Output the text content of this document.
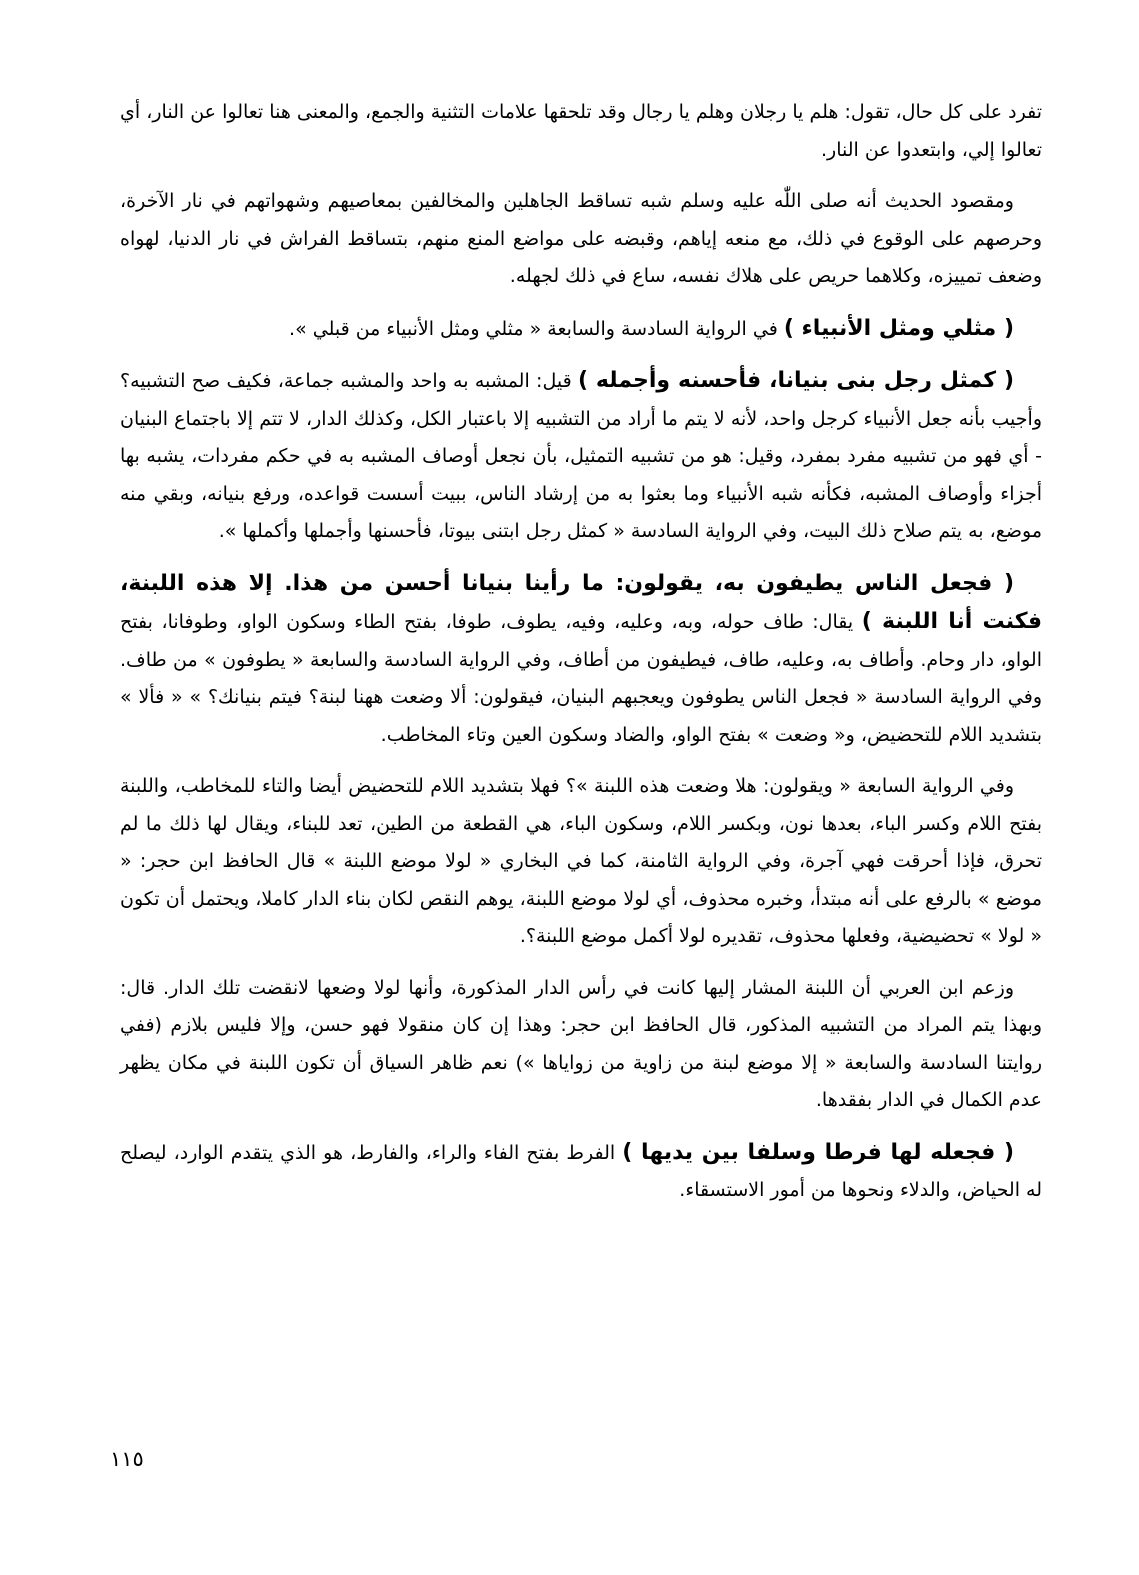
تفرد على كل حال، تقول: هلم يا رجلان وهلم يا رجال وقد تلحقها علامات التثنية والجمع، والمعنى هنا تعالوا عن النار، أي تعالوا إلي، وابتعدوا عن النار.

ومقصود الحديث أنه صلى اللّٰه عليه وسلم شبه تساقط الجاهلين والمخالفين بمعاصيهم وشهواتهم في نار الآخرة، وحرصهم على الوقوع في ذلك، مع منعه إياهم، وقبضه على مواضع المنع منهم، بتساقط الفراش في نار الدنيا، لهواه وضعف تمييزه، وكلاهما حريص على هلاك نفسه، ساع في ذلك لجهله.

( مثلي ومثل الأنبياء ) في الرواية السادسة والسابعة « مثلي ومثل الأنبياء من قبلي ».

( كمثل رجل بنى بنيانا، فأحسنه وأجمله ) قيل: المشبه به واحد والمشبه جماعة، فكيف صح التشبيه؟ وأجيب بأنه جعل الأنبياء كرجل واحد، لأنه لا يتم ما أراد من التشبيه إلا باعتبار الكل، وكذلك الدار، لا تتم إلا باجتماع البنيان - أي فهو من تشبيه مفرد بمفرد، وقيل: هو من تشبيه التمثيل، بأن نجعل أوصاف المشبه به في حكم مفردات، يشبه بها أجزاء وأوصاف المشبه، فكأنه شبه الأنبياء وما بعثوا به من إرشاد الناس، ببيت أسست قواعده، ورفع بنيانه، وبقي منه موضع، به يتم صلاح ذلك البيت، وفي الرواية السادسة « كمثل رجل ابتنى بيوتا، فأحسنها وأجملها وأكملها ».

( فجعل الناس يطيفون به، يقولون: ما رأينا بنيانا أحسن من هذا. إلا هذه اللبنة، فكنت أنا اللبنة ) يقال: طاف حوله، وبه، وعليه، وفيه، يطوف، طوفا، بفتح الطاء وسكون الواو، وطوفانا، بفتح الواو، دار وحام. وأطاف به، وعليه، طاف، فيطيفون من أطاف، وفي الرواية السادسة والسابعة « يطوفون » من طاف. وفي الرواية السادسة « فجعل الناس يطوفون ويعجبهم البنيان، فيقولون: ألا وضعت ههنا لبنة؟ فيتم بنيانك؟ » « فألا » بتشديد اللام للتحضيض، و« وضعت » بفتح الواو، والضاد وسكون العين وتاء المخاطب.

وفي الرواية السابعة « ويقولون: هلا وضعت هذه اللبنة »؟ فهلا بتشديد اللام للتحضيض أيضا والتاء للمخاطب، واللبنة بفتح اللام وكسر الباء، بعدها نون، وبكسر اللام، وسكون الباء، هي القطعة من الطين، تعد للبناء، ويقال لها ذلك ما لم تحرق، فإذا أحرقت فهي آجرة، وفي الرواية الثامنة، كما في البخاري « لولا موضع اللبنة » قال الحافظ ابن حجر: « موضع » بالرفع على أنه مبتدأ، وخبره محذوف، أي لولا موضع اللبنة، يوهم النقص لكان بناء الدار كاملا، ويحتمل أن تكون « لولا » تحضيضية، وفعلها محذوف، تقديره لولا أكمل موضع اللبنة؟.

وزعم ابن العربي أن اللبنة المشار إليها كانت في رأس الدار المذكورة، وأنها لولا وضعها لانقضت تلك الدار. قال: وبهذا يتم المراد من التشبيه المذكور، قال الحافظ ابن حجر: وهذا إن كان منقولا فهو حسن، وإلا فليس بلازم (ففي روايتنا السادسة والسابعة « إلا موضع لبنة من زاوية من زواياها ») نعم ظاهر السياق أن تكون اللبنة في مكان يظهر عدم الكمال في الدار بفقدها.

( فجعله لها فرطا وسلفا بين يديها ) الفرط بفتح الفاء والراء، والفارط، هو الذي يتقدم الوارد، ليصلح له الحياض، والدلاء ونحوها من أمور الاستسقاء.

١١٥
